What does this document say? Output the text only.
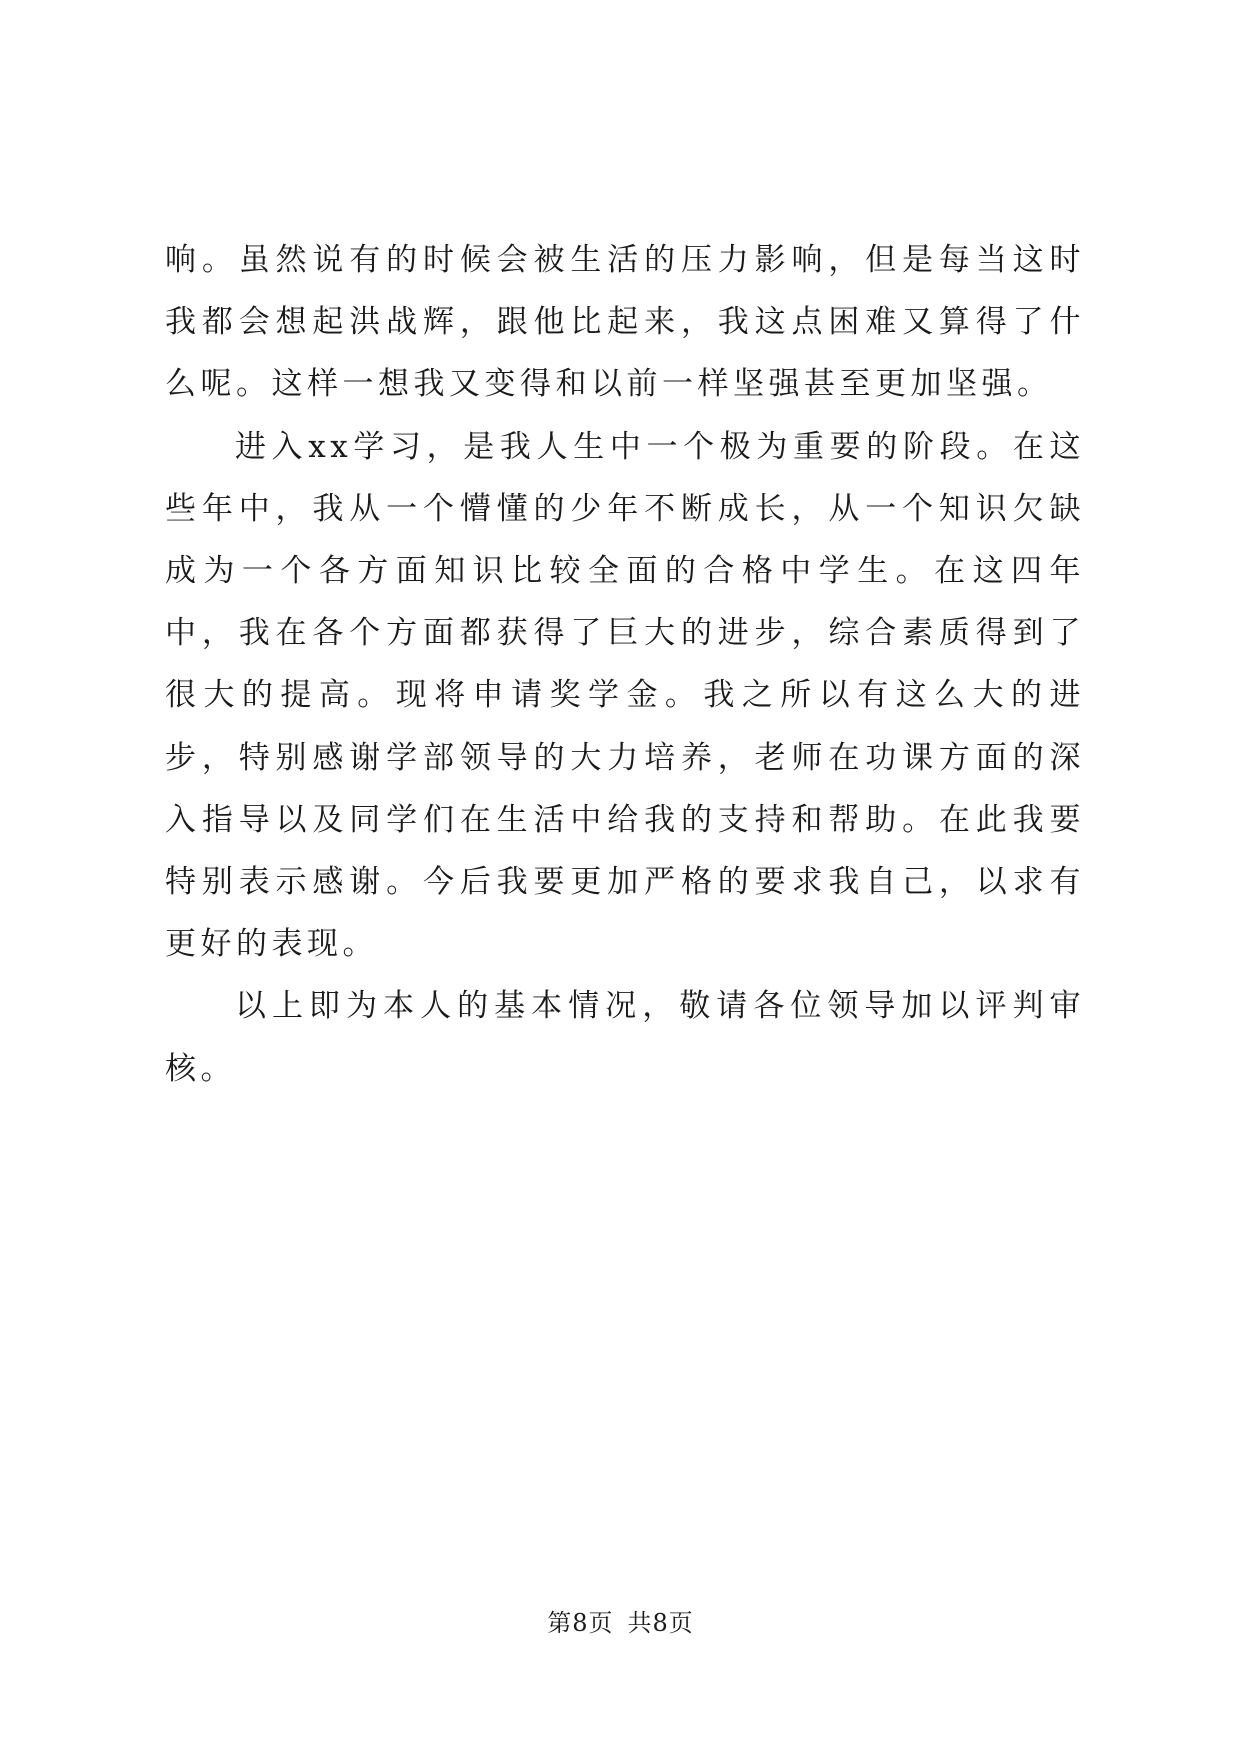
响。虽然说有的时候会被生活的压力影响，但是每当这时我都会想起洪战辉，跟他比起来，我这点困难又算得了什么呢。这样一想我又变得和以前一样坚强甚至更加坚强。

进入xx学习，是我人生中一个极为重要的阶段。在这些年中，我从一个懵懂的少年不断成长，从一个知识欠缺成为一个各方面知识比较全面的合格中学生。在这四年中，我在各个方面都获得了巨大的进步，综合素质得到了很大的提高。现将申请奖学金。我之所以有这么大的进步，特别感谢学部领导的大力培养，老师在功课方面的深入指导以及同学们在生活中给我的支持和帮助。在此我要特别表示感谢。今后我要更加严格的要求我自己，以求有更好的表现。

以上即为本人的基本情况，敬请各位领导加以评判审核。

第8页 共8页
